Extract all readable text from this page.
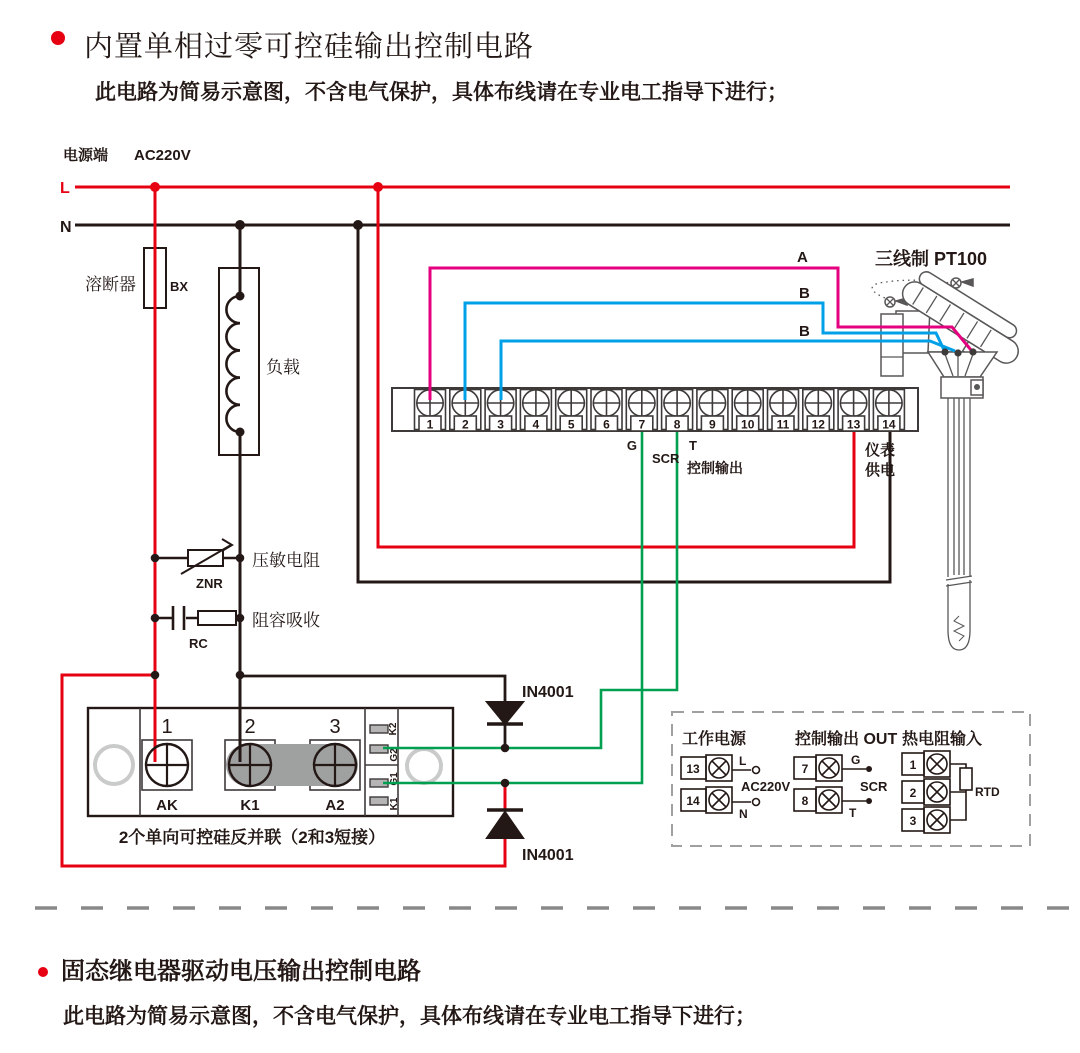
内置单相过零可控硅输出控制电路
此电路为简易示意图，不含电气保护，具体布线请在专业电工指导下进行；
电源端 AC220V
L
N
溶断器	BX
负载
K2
G2
G1
K1
1	2	3
AK	K1	A2
2个单向可控硅反并联（2和3短接）
IN4001
IN4001
ZNR
压敏电阻
RC
阻容吸收
1 2 3 4 5 6 7 8 9 10 11 12 13 14
G
SCR
T
控制输出
仪表
供电
三线制 PT100
A
B
B
工作电源
13
L
AC220V
14
N
控制输出 OUT
7
G
SCR
8
T
热电阻输入
1
2
3
RTD
固态继电器驱动电压输出控制电路
此电路为简易示意图，不含电气保护，具体布线请在专业电工指导下进行；
